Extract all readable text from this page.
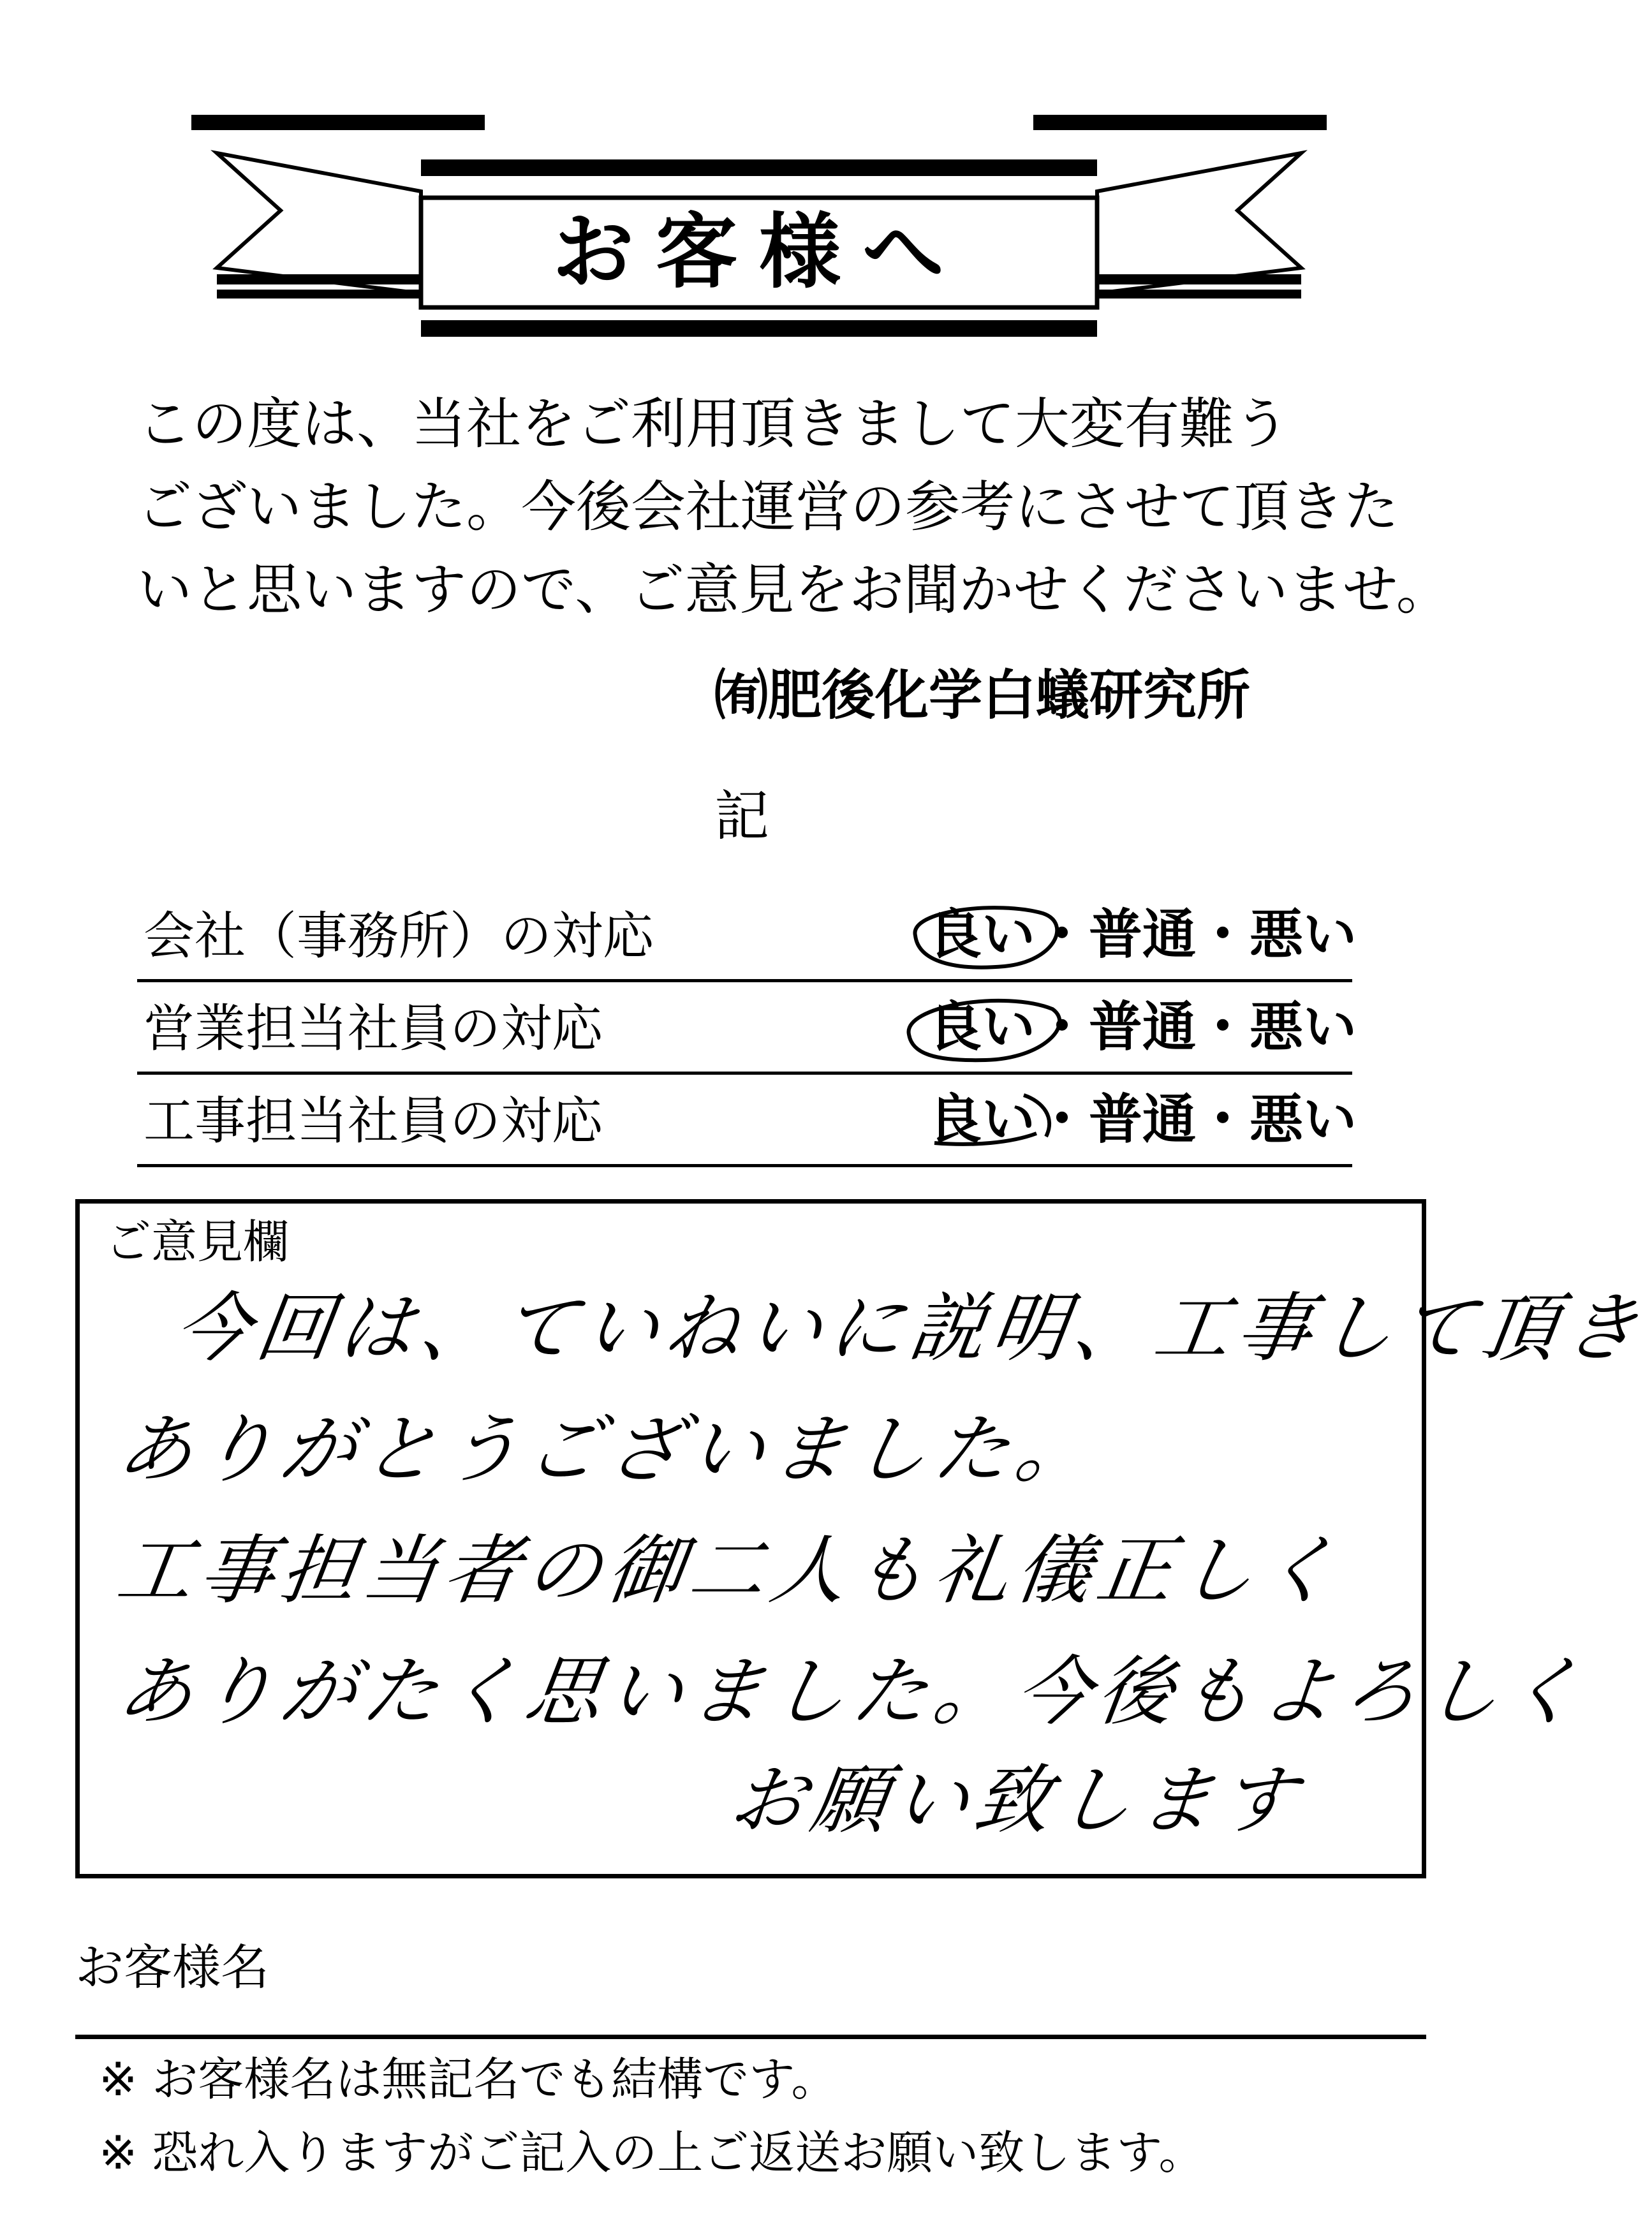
お客様へ
この度は、当社をご利用頂きまして大変有難う
ございました。今後会社運営の参考にさせて頂きた
いと思いますので、ご意見をお聞かせくださいませ。
㈲肥後化学白蟻研究所
記
会社（事務所）の対応	良い・普通・悪い
営業担当社員の対応	良い・普通・悪い
工事担当社員の対応	良い・普通・悪い
ご意見欄
今回は、ていねいに説明、工事して頂き
ありがとうございました。
工事担当者の御二人も礼儀正しく
ありがたく思いました。今後もよろしく
お願い致します
お客様名
※ お客様名は無記名でも結構です。
※ 恐れ入りますがご記入の上ご返送お願い致します。
